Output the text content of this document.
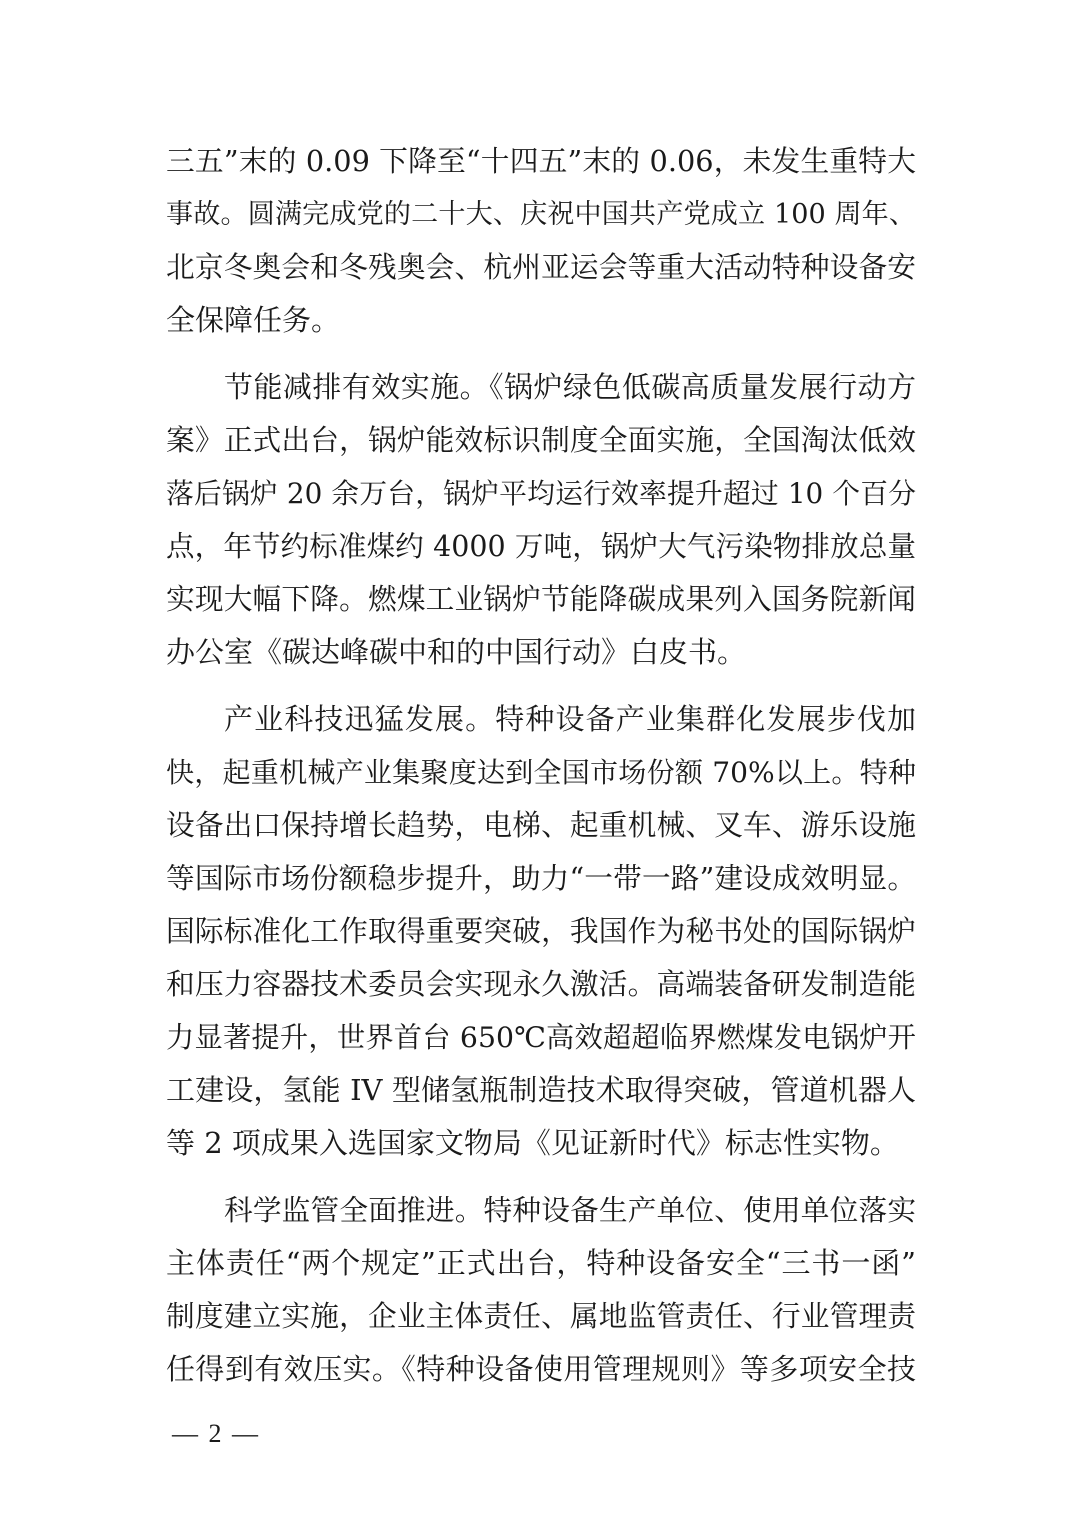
三五”末的 0.09 下降至“十四五”末的 0.06，未发生重特大
事故。圆满完成党的二十大、庆祝中国共产党成立 100 周年、
北京冬奥会和冬残奥会、杭州亚运会等重大活动特种设备安
全保障任务。
节能减排有效实施。《锅炉绿色低碳高质量发展行动方
案》正式出台，锅炉能效标识制度全面实施，全国淘汰低效
落后锅炉 20 余万台，锅炉平均运行效率提升超过 10 个百分
点，年节约标准煤约 4000 万吨，锅炉大气污染物排放总量
实现大幅下降。燃煤工业锅炉节能降碳成果列入国务院新闻
办公室《碳达峰碳中和的中国行动》白皮书。
产业科技迅猛发展。特种设备产业集群化发展步伐加
快，起重机械产业集聚度达到全国市场份额 70%以上。特种
设备出口保持增长趋势，电梯、起重机械、叉车、游乐设施
等国际市场份额稳步提升，助力“一带一路”建设成效明显。
国际标准化工作取得重要突破，我国作为秘书处的国际锅炉
和压力容器技术委员会实现永久激活。高端装备研发制造能
力显著提升，世界首台 650℃高效超超临界燃煤发电锅炉开
工建设，氢能 IV 型储氢瓶制造技术取得突破，管道机器人
等 2 项成果入选国家文物局《见证新时代》标志性实物。
科学监管全面推进。特种设备生产单位、使用单位落实
主体责任“两个规定”正式出台，特种设备安全“三书一函”
制度建立实施，企业主体责任、属地监管责任、行业管理责
任得到有效压实。《特种设备使用管理规则》等多项安全技
— 2 —
